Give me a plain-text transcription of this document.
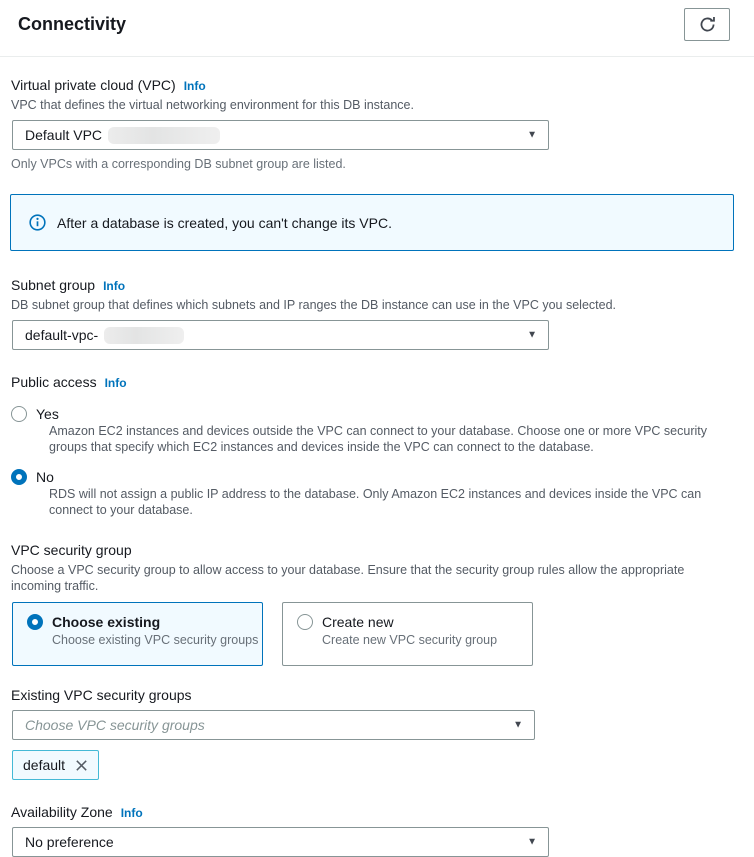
Connectivity
Virtual private cloud (VPC) Info
VPC that defines the virtual networking environment for this DB instance.
Default VPC	▼
Only VPCs with a corresponding DB subnet group are listed.
After a database is created, you can't change its VPC.
Subnet group Info
DB subnet group that defines which subnets and IP ranges the DB instance can use in the VPC you selected.
default-vpc-	▼
Public access Info
Yes
Amazon EC2 instances and devices outside the VPC can connect to your database. Choose one or more VPC security groups that specify which EC2 instances and devices inside the VPC can connect to the database.
No
RDS will not assign a public IP address to the database. Only Amazon EC2 instances and devices inside the VPC can connect to your database.
VPC security group
Choose a VPC security group to allow access to your database. Ensure that the security group rules allow the appropriate incoming traffic.
Choose existing
Choose existing VPC security groups
Create new
Create new VPC security group
Existing VPC security groups
Choose VPC security groups	▼
default
Availability Zone Info
No preference	▼
